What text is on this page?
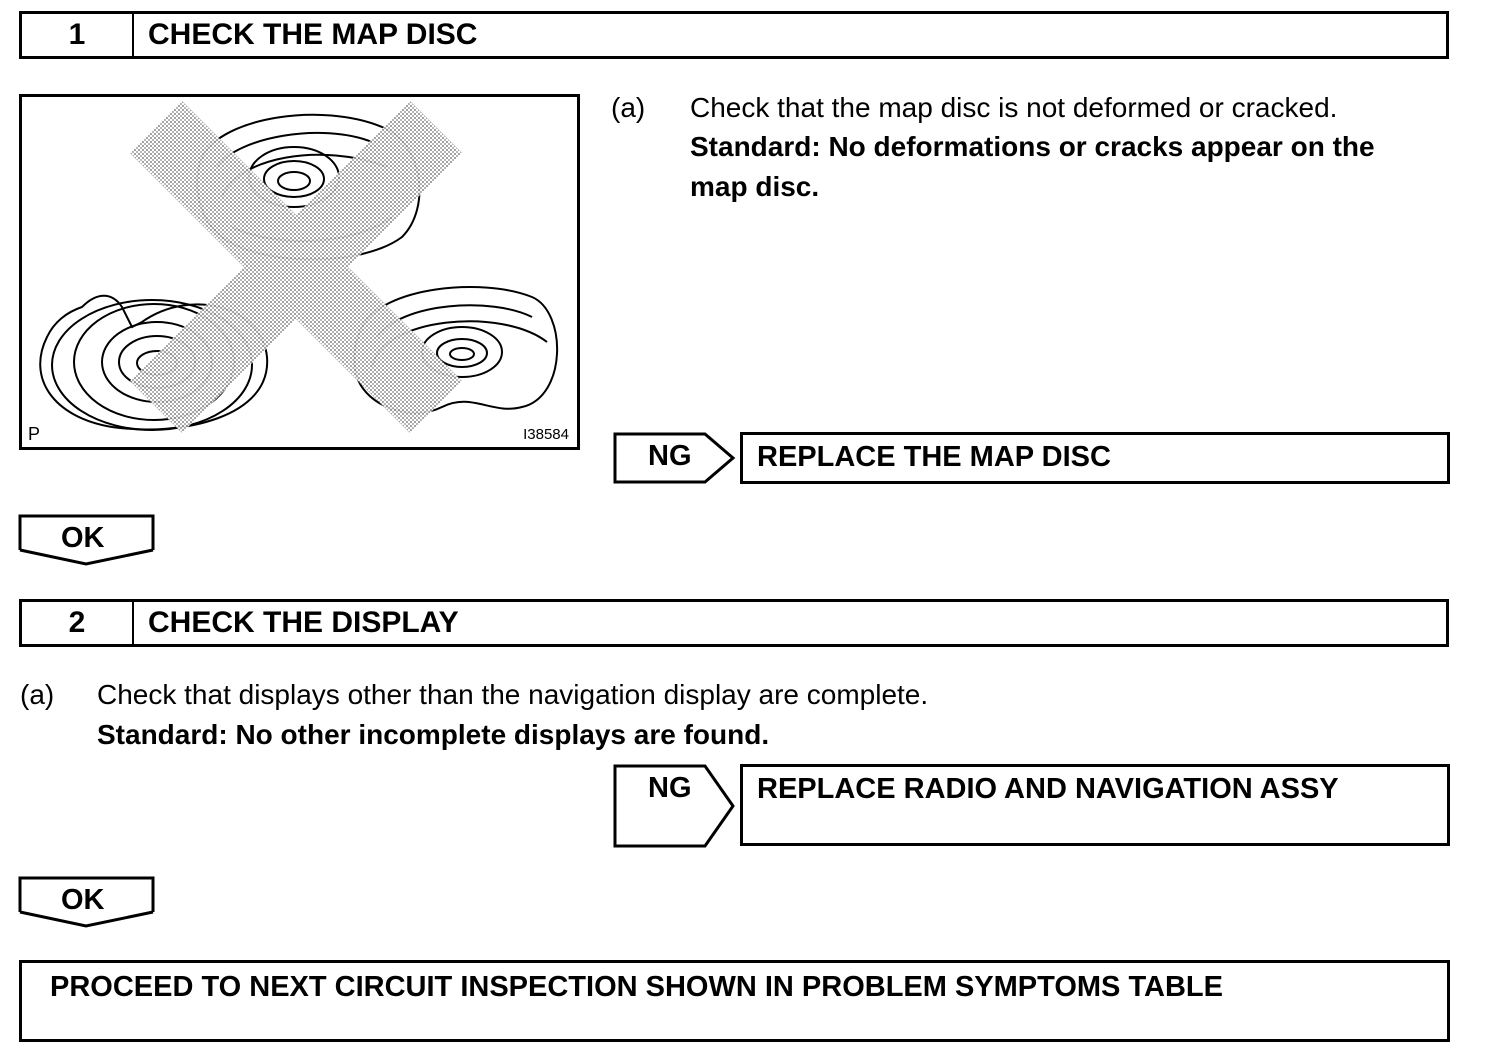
1	CHECK THE MAP DISC
P	I38584
(a) Check that the map disc is not deformed or cracked.
Standard: No deformations or cracks appear on the
map disc.
NG	REPLACE THE MAP DISC
OK
2	CHECK THE DISPLAY
(a) Check that displays other than the navigation display are complete.
Standard: No other incomplete displays are found.
NG	REPLACE RADIO AND NAVIGATION ASSY
OK
PROCEED TO NEXT CIRCUIT INSPECTION SHOWN IN PROBLEM SYMPTOMS TABLE
